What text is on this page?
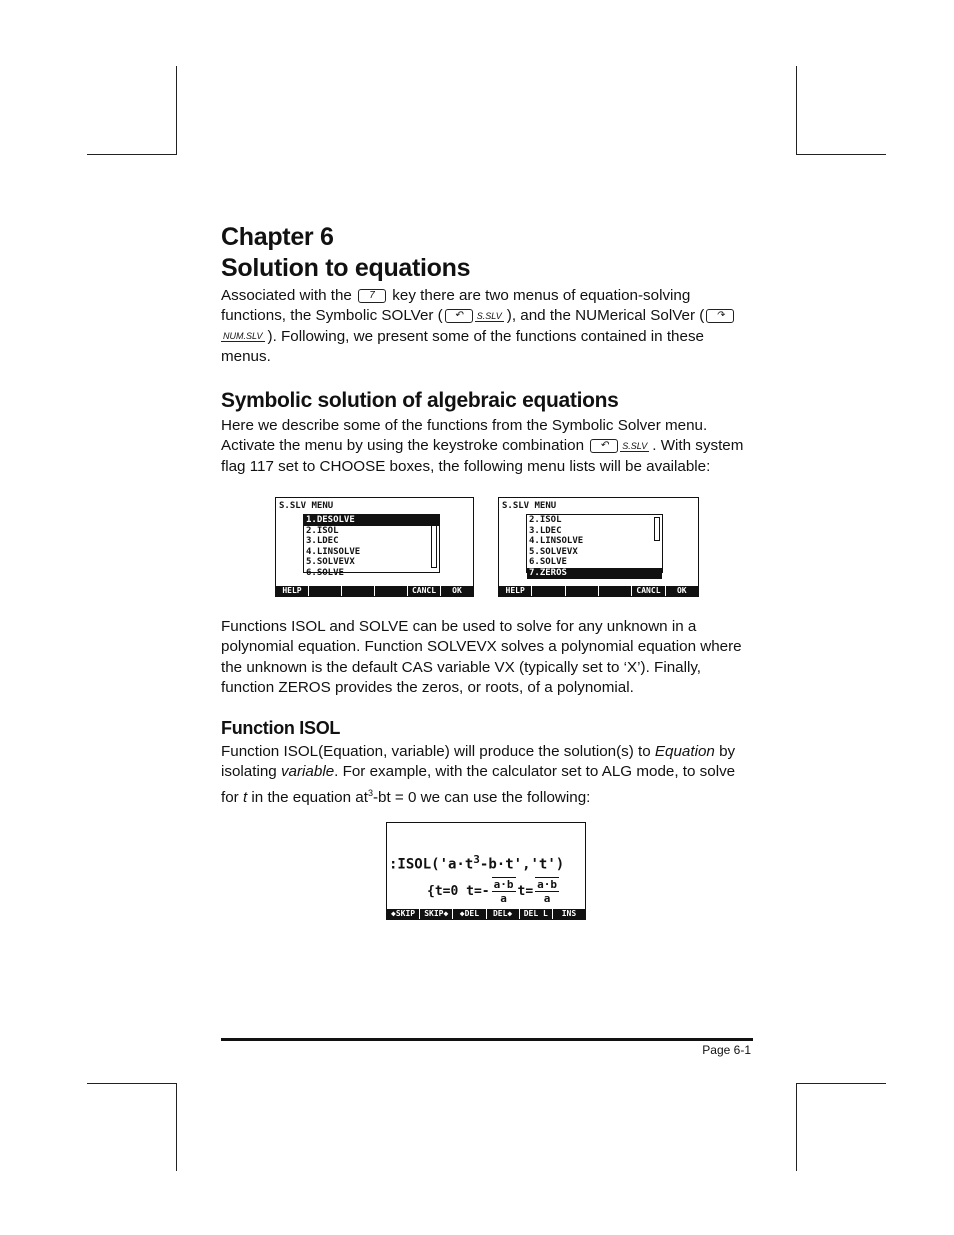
Chapter 6
Solution to equations

Associated with the 7 key there are two menus of equation-solving functions, the Symbolic SOLVer ( ↶ S.SLV ), and the NUMerical SolVer ( ↷NUM.SLV ). Following, we present some of the functions contained in these menus.

Symbolic solution of algebraic equations

Here we describe some of the functions from the Symbolic Solver menu. Activate the menu by using the keystroke combination ↶ S.SLV . With system flag 117 set to CHOOSE boxes, the following menu lists will be available:

S.SLV MENU
1.DESOLVE
2.ISOL
3.LDEC
4.LINSOLVE
5.SOLVEVX
6.SOLVE
HELP	CANCL	OK
S.SLV MENU
2.ISOL
3.LDEC
4.LINSOLVE
5.SOLVEVX
6.SOLVE
7.ZEROS
HELP	CANCL	OK

Functions ISOL and SOLVE can be used to solve for any unknown in a polynomial equation. Function SOLVEVX solves a polynomial equation where the unknown is the default CAS variable VX (typically set to ‘X’). Finally, function ZEROS provides the zeros, or roots, of a polynomial.

Function ISOL

Function ISOL(Equation, variable) will produce the solution(s) to Equation by isolating variable. For example, with the calculator set to ALG mode, to solve for t in the equation $at^3-bt = 0$ we can use the following:

$:ISOL('a\cdot t^3-b\cdot t','t')$
{t=0 t=- a·b
a $t= \frac{a\cdot b}{a}$
◆SKIP	SKIP◆	◆DEL	DEL◆	DEL L	INS
Page 6-1
